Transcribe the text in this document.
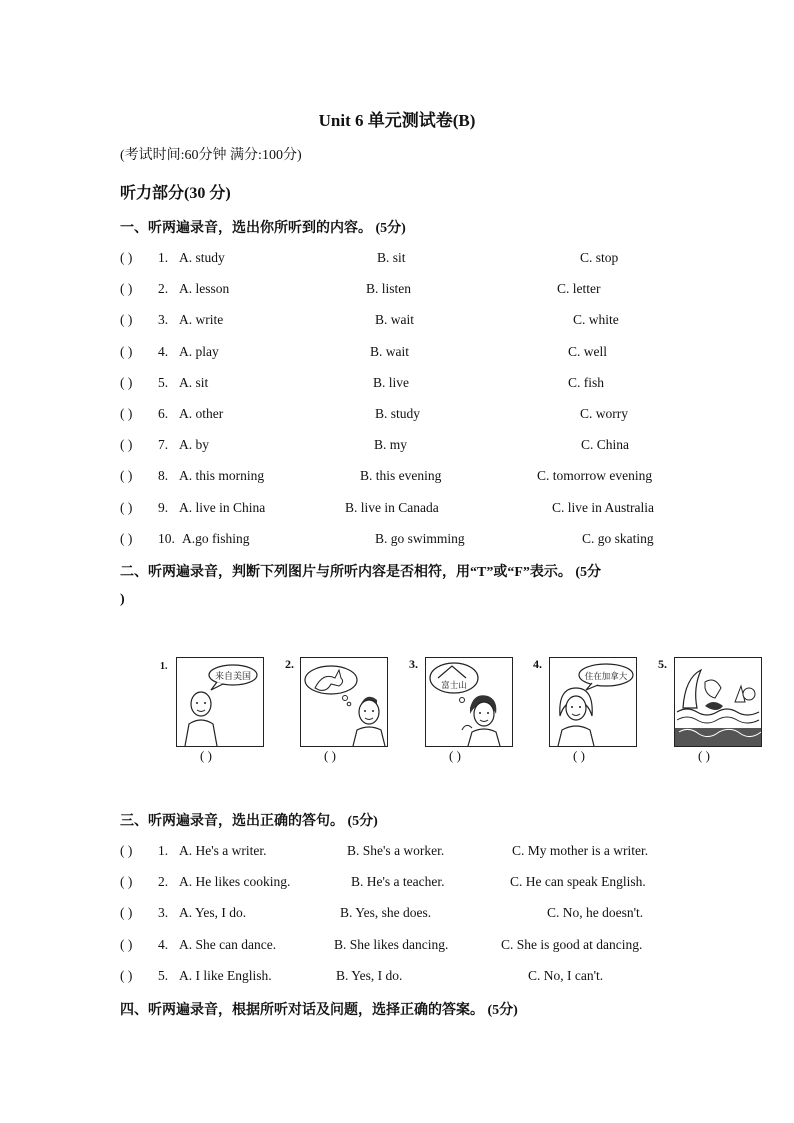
Unit 6 单元测试卷(B)
(考试时间:60分钟 满分:100分)
听力部分(30 分)
一、听两遍录音，选出你所听到的内容。 (5分)
( ) 1. A. study	B. sit	C. stop
( ) 2. A. lesson	B. listen	C. letter
( ) 3. A. write	B. wait	C. white
( ) 4. A. play	B. wait	C. well
( ) 5. A. sit	B. live	C. fish
( ) 6. A. other	B. study	C. worry
( ) 7. A. by	B. my	C. China
( ) 8. A. this morning	B. this evening	C. tomorrow evening
( ) 9. A. live in China	B. live in Canada	C. live in Australia
( ) 10. A.go fishing	B. go swimming	C. go skating
二、听两遍录音，判断下列图片与所听内容是否相符，用“T”或“F”表示。 (5分
)
1.
来自美国
( )
2.
( )
3.
富士山
( )
4.
住在加拿大
( )
5.
( )
三、听两遍录音，选出正确的答句。 (5分)
( ) 1. A. He's a writer.	B. She's a worker.	C. My mother is a writer.
( ) 2. A. He likes cooking.	B. He's a teacher.	C. He can speak English.
( ) 3. A. Yes, I do.	B. Yes, she does.	C. No, he doesn't.
( ) 4. A. She can dance.	B. She likes dancing.	C. She is good at dancing.
( ) 5. A. I like English.	B. Yes, I do.	C. No, I can't.
四、听两遍录音，根据所听对话及问题，选择正确的答案。 (5分)
